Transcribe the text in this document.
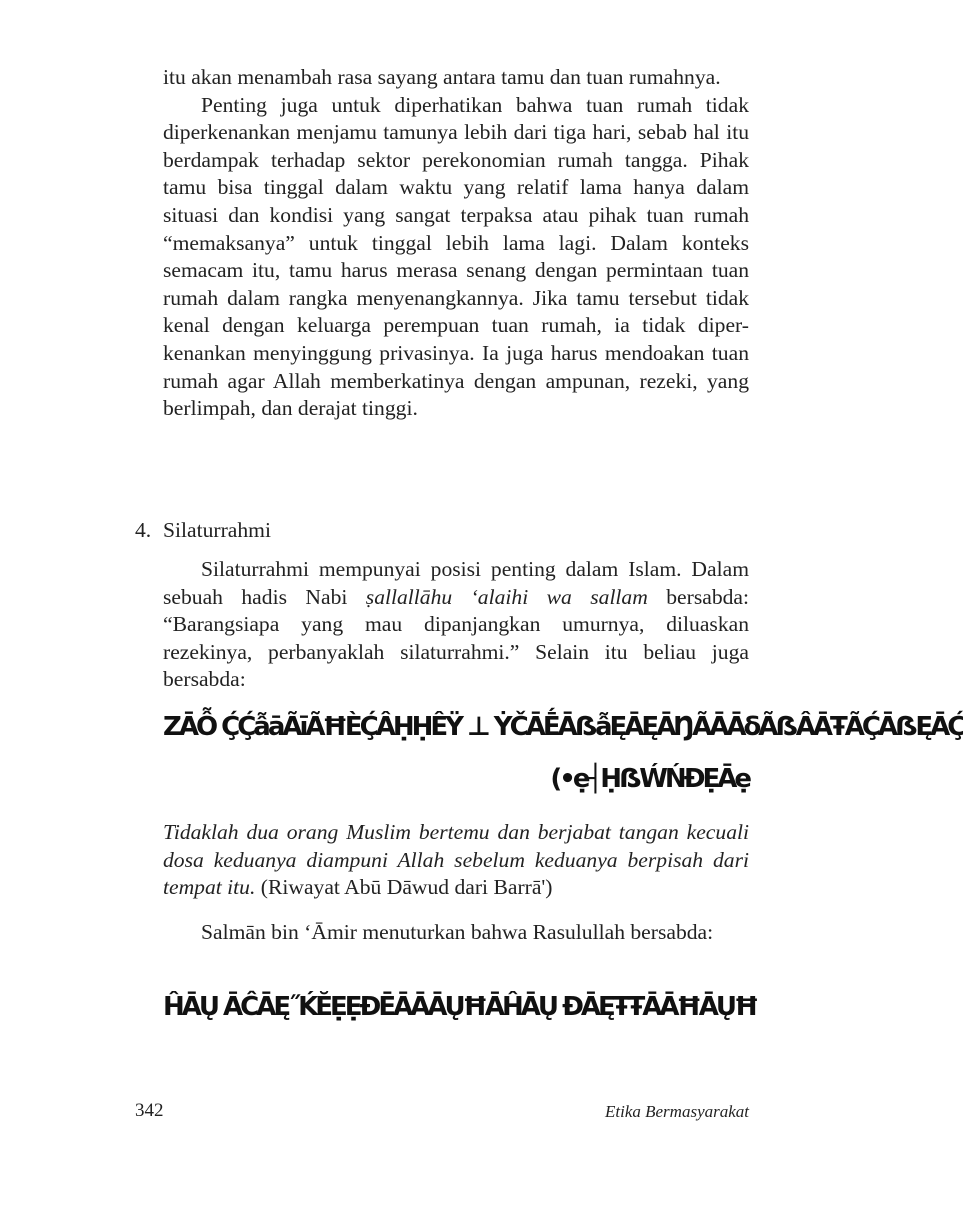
itu akan menambah rasa sayang antara tamu dan tuan rumahnya.

Penting juga untuk diperhatikan bahwa tuan rumah tidak diperkenankan menjamu tamunya lebih dari tiga hari, sebab hal itu berdampak terhadap sektor perekonomian rumah tangga. Pihak tamu bisa tinggal dalam waktu yang relatif lama hanya dalam situasi dan kondisi yang sangat terpaksa atau pihak tuan rumah “memaksanya” untuk tinggal lebih lama lagi. Dalam konteks semacam itu, tamu harus merasa senang dengan permintaan tuan rumah dalam rangka menyenangkannya. Jika tamu tersebut tidak kenal dengan keluarga perempuan tuan rumah, ia tidak diper-kenankan menyinggung privasinya. Ia juga harus mendoakan tuan rumah agar Allah memberkatinya dengan ampunan, rezeki, yang berlimpah, dan derajat tinggi.

4. Silaturrahmi

Silaturrahmi mempunyai posisi penting dalam Islam. Dalam sebuah hadis Nabi ṣallallāhu ‘alaihi wa sallam bersabda: “Barangsiapa yang mau dipanjangkan umurnya, diluaskan rezekinya, perbanyaklah silaturrahmi.” Selain itu beliau juga bersabda:

ZĀỖ ḈḈẫāÃīÃĦÈḈÂḤḤÊŸ ⊥ ẎČĀḖĀẞẫĘĀĘĀŊÃĀĀẟÃẞÂĀŦÃḈĀẞĘĀḈ
(•ẹ┤ḤẞẂŃĐẸĀẹ

Tidaklah dua orang Muslim bertemu dan berjabat tangan kecuali dosa keduanya diampuni Allah sebelum keduanya berpisah dari tempat itu. (Riwayat Abū Dāwud dari Barrā')

Salmān bin ‘Āmir menuturkan bahwa Rasulullah bersabda:

ĤĀŲ ĀĈĀĘ˝ḰĔẸẸĐĒĀĀĀŲĦĀĤĀŲ ĐĀĘŦŦĀĀĦĀŲĦ
342	Etika Bermasyarakat
